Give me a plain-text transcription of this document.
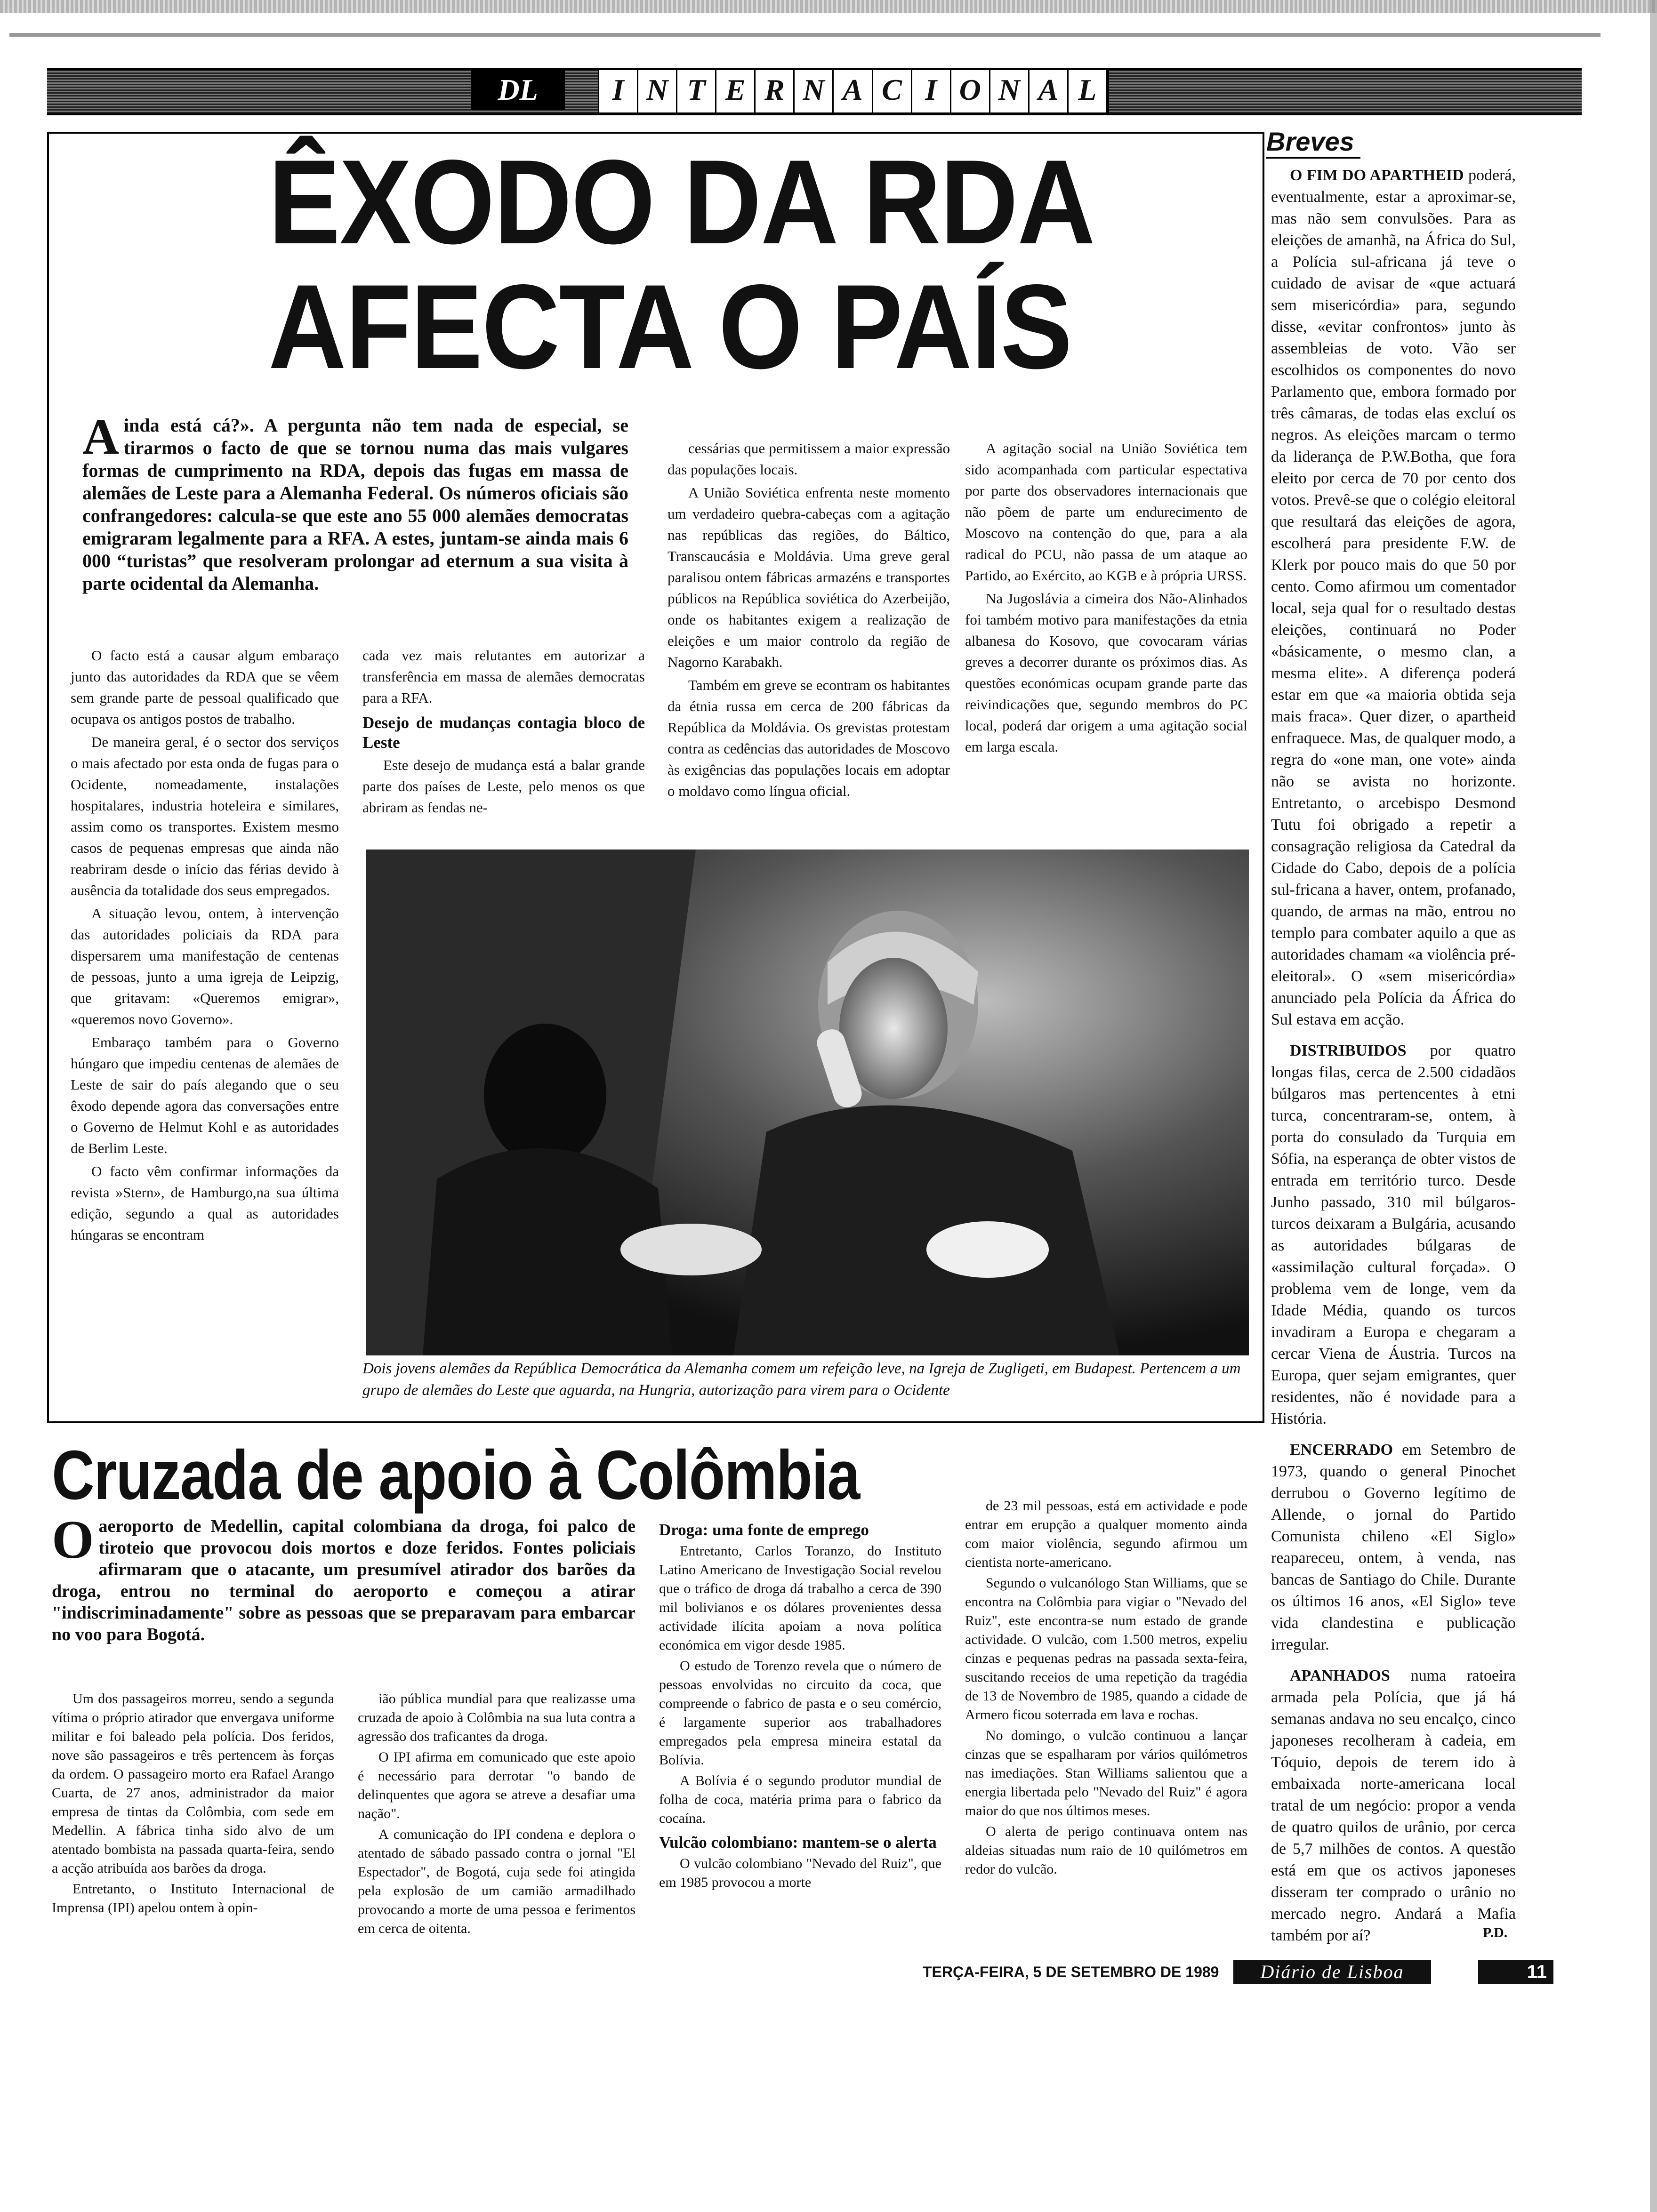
DL	I N T E R N A C I O N A L
ÊXODO DA RDA
AFECTA O PAÍS
Ainda está cá?». A pergunta não tem nada de especial, se tirarmos o facto de que se tornou numa das mais vulgares formas de cumprimento na RDA, depois das fugas em massa de alemães de Leste para a Alemanha Federal. Os números oficiais são confrangedores: calcula-se que este ano 55 000 alemães democratas emigraram legalmente para a RFA. A estes, juntam-se ainda mais 6 000 “turistas” que resolveram prolongar ad eternum a sua visita à parte ocidental da Alemanha.

O facto está a causar algum embaraço junto das autoridades da RDA que se vêem sem grande parte de pessoal qualificado que ocupava os antigos postos de trabalho.

De maneira geral, é o sector dos serviços o mais afectado por esta onda de fugas para o Ocidente, nomeadamente, instalações hospitalares, industria hoteleira e similares, assim como os transportes. Existem mesmo casos de pequenas empresas que ainda não reabriram desde o início das férias devido à ausência da totalidade dos seus empregados.

A situação levou, ontem, à intervenção das autoridades policiais da RDA para dispersarem uma manifestação de centenas de pessoas, junto a uma igreja de Leipzig, que gritavam: «Queremos emigrar», «queremos novo Governo».

Embaraço também para o Governo húngaro que impediu centenas de alemães de Leste de sair do país alegando que o seu êxodo depende agora das conversações entre o Governo de Helmut Kohl e as autoridades de Berlim Leste.

O facto vêm confirmar informações da revista »Stern», de Hamburgo,na sua última edição, segundo a qual as autoridades húngaras se encontram

cada vez mais relutantes em autorizar a transferência em massa de alemães democratas para a RFA.

Desejo de mudanças contagia bloco de Leste

Este desejo de mudança está a balar grande parte dos países de Leste, pelo menos os que abriram as fendas ne-

cessárias que permitissem a maior expressão das populações locais.

A União Soviética enfrenta neste momento um verdadeiro quebra-cabeças com a agitação nas repúblicas das regiões, do Báltico, Transcaucásia e Moldávia. Uma greve geral paralisou ontem fábricas armazéns e transportes públicos na República soviética do Azerbeijão, onde os habitantes exigem a realização de eleições e um maior controlo da região de Nagorno Karabakh.

Também em greve se econtram os habitantes da étnia russa em cerca de 200 fábricas da República da Moldávia. Os grevistas protestam contra as cedências das autoridades de Moscovo às exigências das populações locais em adoptar o moldavo como língua oficial.

A agitação social na União Soviética tem sido acompanhada com particular espectativa por parte dos observadores internacionais que não põem de parte um endurecimento de Moscovo na contenção do que, para a ala radical do PCU, não passa de um ataque ao Partido, ao Exército, ao KGB e à própria URSS.

Na Jugoslávia a cimeira dos Não-Alinhados foi também motivo para manifestações da etnia albanesa do Kosovo, que covocaram várias greves a decorrer durante os próximos dias. As questões económicas ocupam grande parte das reivindicações que, segundo membros do PC local, poderá dar origem a uma agitação social em larga escala.

Dois jovens alemães da República Democrática da Alemanha comem um refeição leve, na Igreja de Zugligeti, em Budapest. Pertencem a um grupo de alemães do Leste que aguarda, na Hungria, autorização para virem para o Ocidente
Breves

O FIM DO APARTHEID poderá, eventualmente, estar a aproximar-se, mas não sem convulsões. Para as eleições de amanhã, na África do Sul, a Polícia sul-africana já teve o cuidado de avisar de «que actuará sem misericórdia» para, segundo disse, «evitar confrontos» junto às assembleias de voto. Vão ser escolhidos os componentes do novo Parlamento que, embora formado por três câmaras, de todas elas excluí os negros. As eleições marcam o termo da liderança de P.W.Botha, que fora eleito por cerca de 70 por cento dos votos. Prevê-se que o colégio eleitoral que resultará das eleições de agora, escolherá para presidente F.W. de Klerk por pouco mais do que 50 por cento. Como afirmou um comentador local, seja qual for o resultado destas eleições, continuará no Poder «básicamente, o mesmo clan, a mesma elite». A diferença poderá estar em que «a maioria obtida seja mais fraca». Quer dizer, o apartheid enfraquece. Mas, de qualquer modo, a regra do «one man, one vote» ainda não se avista no horizonte. Entretanto, o arcebispo Desmond Tutu foi obrigado a repetir a consagração religiosa da Catedral da Cidade do Cabo, depois de a polícia sul-fricana a haver, ontem, profanado, quando, de armas na mão, entrou no templo para combater aquilo a que as autoridades chamam «a violência pré-eleitoral». O «sem misericórdia» anunciado pela Polícia da África do Sul estava em acção.

DISTRIBUIDOS por quatro longas filas, cerca de 2.500 cidadãos búlgaros mas pertencentes à etni turca, concentraram-se, ontem, à porta do consulado da Turquia em Sófia, na esperança de obter vistos de entrada em território turco. Desde Junho passado, 310 mil búlgaros-turcos deixaram a Bulgária, acusando as autoridades búlgaras de «assimilação cultural forçada». O problema vem de longe, vem da Idade Média, quando os turcos invadiram a Europa e chegaram a cercar Viena de Áustria. Turcos na Europa, quer sejam emigrantes, quer residentes, não é novidade para a História.

ENCERRADO em Setembro de 1973, quando o general Pinochet derrubou o Governo legítimo de Allende, o jornal do Partido Comunista chileno «El Siglo» reapareceu, ontem, à venda, nas bancas de Santiago do Chile. Durante os últimos 16 anos, «El Siglo» teve vida clandestina e publicação irregular.

APANHADOS numa ratoeira armada pela Polícia, que já há semanas andava no seu encalço, cinco japoneses recolheram à cadeia, em Tóquio, depois de terem ido à embaixada norte-americana local tratal de um negócio: propor a venda de quatro quilos de urânio, por cerca de 5,7 milhões de contos. A questão está em que os activos japoneses disseram ter comprado o urânio no mercado negro. Andará a Mafia também por aí?	P.D.
Cruzada de apoio à Colômbia
Oaeroporto de Medellin, capital colombiana da droga, foi palco de tiroteio que provocou dois mortos e doze feridos. Fontes policiais afirmaram que o atacante, um presumível atirador dos barões da droga, entrou no terminal do aeroporto e começou a atirar "indiscriminadamente" sobre as pessoas que se preparavam para embarcar no voo para Bogotá.

Um dos passageiros morreu, sendo a segunda vítima o próprio atirador que envergava uniforme militar e foi baleado pela polícia. Dos feridos, nove são passageiros e três pertencem às forças da ordem. O passageiro morto era Rafael Arango Cuarta, de 27 anos, administrador da maior empresa de tintas da Colômbia, com sede em Medellin. A fábrica tinha sido alvo de um atentado bombista na passada quarta-feira, sendo a acção atribuída aos barões da droga.

Entretanto, o Instituto Internacional de Imprensa (IPI) apelou ontem à opin-

ião pública mundial para que realizasse uma cruzada de apoio à Colômbia na sua luta contra a agressão dos traficantes da droga.

O IPI afirma em comunicado que este apoio é necessário para derrotar "o bando de delinquentes que agora se atreve a desafiar uma nação".

A comunicação do IPI condena e deplora o atentado de sábado passado contra o jornal "El Espectador", de Bogotá, cuja sede foi atingida pela explosão de um camião armadilhado provocando a morte de uma pessoa e ferimentos em cerca de oitenta.

Droga: uma fonte de emprego

Entretanto, Carlos Toranzo, do Instituto Latino Americano de Investigação Social revelou que o tráfico de droga dá trabalho a cerca de 390 mil bolivianos e os dólares provenientes dessa actividade ilícita apoiam a nova política económica em vigor desde 1985.

O estudo de Torenzo revela que o número de pessoas envolvidas no circuito da coca, que compreende o fabrico de pasta e o seu comércio, é largamente superior aos trabalhadores empregados pela empresa mineira estatal da Bolívia.

A Bolívia é o segundo produtor mundial de folha de coca, matéria prima para o fabrico da cocaína.

Vulcão colombiano: mantem-se o alerta

O vulcão colombiano "Nevado del Ruiz", que em 1985 provocou a morte

de 23 mil pessoas, está em actividade e pode entrar em erupção a qualquer momento ainda com maior violência, segundo afirmou um cientista norte-americano.

Segundo o vulcanólogo Stan Williams, que se encontra na Colômbia para vigiar o "Nevado del Ruiz", este encontra-se num estado de grande actividade. O vulcão, com 1.500 metros, expeliu cinzas e pequenas pedras na passada sexta-feira, suscitando receios de uma repetição da tragédia de 13 de Novembro de 1985, quando a cidade de Armero ficou soterrada em lava e rochas.

No domingo, o vulcão continuou a lançar cinzas que se espalharam por vários quilómetros nas imediações. Stan Williams salientou que a energia libertada pelo "Nevado del Ruiz" é agora maior do que nos últimos meses.

O alerta de perigo continuava ontem nas aldeias situadas num raio de 10 quilómetros em redor do vulcão.

TERÇA-FEIRA, 5 DE SETEMBRO DE 1989	Diário de Lisboa	11
